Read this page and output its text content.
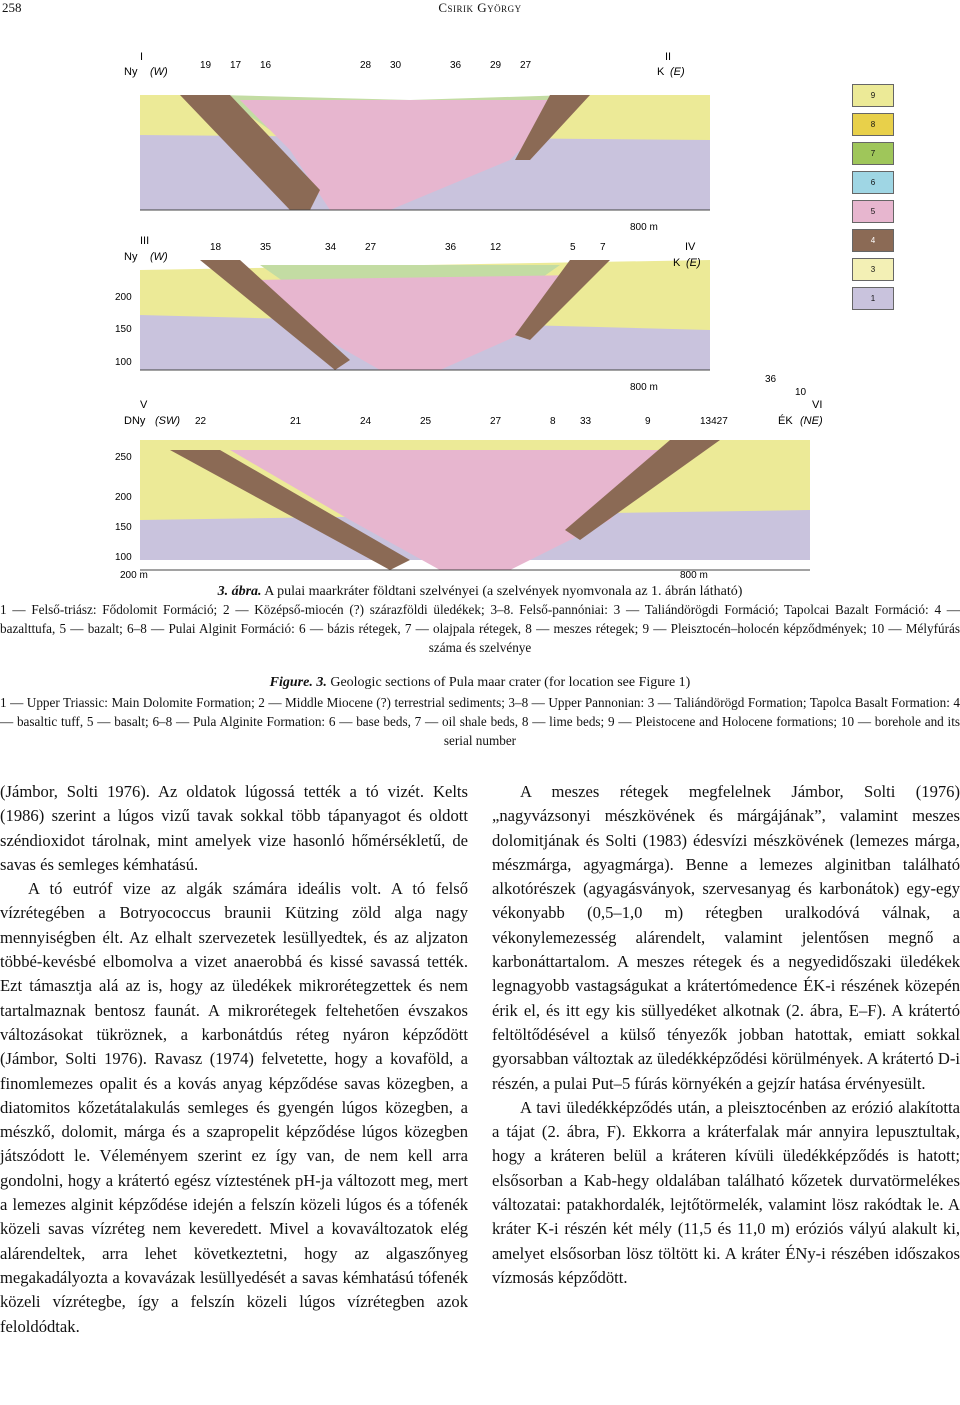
258	Csirik György
I
Ny (W)
II
K (E)
19 17 16	28 30	36	29 27
800 m
III
Ny (W)
IV
K (E)
18	35	34	27	36	12	5 7
200
150
100
800 m
V
DNy (SW)
VI
ÉK (NE)
22	21	24	25	27	8 33	9	13427
250
200
150
100
200 m	800 m
36
10
9
8
7
6
5
4
3
1
3. ábra. A pulai maarkráter földtani szelvényei (a szelvények nyomvonala az 1. ábrán látható)
1 — Felső-triász: Fődolomit Formáció; 2 — Középső-miocén (?) szárazföldi üledékek; 3–8. Felső-pannóniai: 3 — Taliándörögdi Formáció; Tapolcai Bazalt Formáció: 4 — bazalttufa, 5 — bazalt; 6–8 — Pulai Alginit Formáció: 6 — bázis rétegek, 7 — olajpala rétegek, 8 — meszes rétegek; 9 — Pleisztocén–holocén képződmények; 10 — Mélyfúrás száma és szelvénye
Figure. 3. Geologic sections of Pula maar crater (for location see Figure 1)
1 — Upper Triassic: Main Dolomite Formation; 2 — Middle Miocene (?) terrestrial sediments; 3–8 — Upper Pannonian: 3 — Taliándörögd Formation; Tapolca Basalt Formation: 4 — basaltic tuff, 5 — basalt; 6–8 — Pula Alginite Formation: 6 — base beds, 7 — oil shale beds, 8 — lime beds; 9 — Pleistocene and Holocene formations; 10 — borehole and its serial number

(Jámbor, Solti 1976). Az oldatok lúgossá tették a tó vizét. Kelts (1986) szerint a lúgos vizű tavak sokkal több tápanyagot és oldott széndioxidot tárolnak, mint amelyek vize hasonló hőmérsékletű, de savas és semleges kémhatású.

A tó eutróf vize az algák számára ideális volt. A tó felső vízrétegében a Botryococcus braunii Kützing zöld alga nagy mennyiségben élt. Az elhalt szervezetek lesüllyedtek, és az aljzaton többé-kevésbé elbomolva a vizet anaerobbá és kissé savassá tették. Ezt támasztja alá az is, hogy az üledékek mikrorétegzettek és nem tartalmaznak bentosz faunát. A mikrorétegek feltehetően évszakos változásokat tükröznek, a karbonátdús réteg nyáron képződött (Jámbor, Solti 1976). Ravasz (1974) felvetette, hogy a kovaföld, a finomlemezes opalit és a kovás anyag képződése savas közegben, a diatomitos kőzetátalakulás semleges és gyengén lúgos közegben, a mészkő, dolomit, márga és a szapropelit képződése lúgos közegben játszódott le. Véleményem szerint ez így van, de nem kell arra gondolni, hogy a krátertó egész víztestének pH-ja változott meg, mert a lemezes alginit képződése idején a felszín közeli lúgos és a tófenék közeli savas vízréteg nem keveredett. Mivel a kovaváltozatok elég alárendeltek, arra lehet következtetni, hogy az algaszőnyeg megakadályozta a kovavázak lesüllyedését a savas kémhatású tófenék közeli vízrétegbe, így a felszín közeli lúgos vízrétegben azok feloldódtak.

A meszes rétegek megfelelnek Jámbor, Solti (1976) „nagyvázsonyi mészkövének és márgájának”, valamint meszes dolomitjának és Solti (1983) édesvízi mészkövének (lemezes márga, mészmárga, agyagmárga). Benne a lemezes alginitban található alkotórészek (agyagásványok, szervesanyag és karbonátok) egy-egy vékonyabb (0,5–1,0 m) rétegben uralkodóvá válnak, a vékonylemezesség alárendelt, valamint jelentősen megnő a karbonáttartalom. A meszes rétegek és a negyedidőszaki üledékek legnagyobb vastagságukat a krátertómedence ÉK-i részének közepén érik el, és itt egy kis süllyedéket alkotnak (2. ábra, E–F). A krátertó feltöltődésével a külső tényezők jobban hatottak, emiatt sokkal gyorsabban változtak az üledékképződési körülmények. A krátertó D-i részén, a pulai Put–5 fúrás környékén a gejzír hatása érvényesült.

A tavi üledékképződés után, a pleisztocénben az erózió alakította a tájat (2. ábra, F). Ekkorra a kráterfalak már annyira lepusztultak, hogy a kráteren belül a kráteren kívüli üledékképződés is hatott; elsősorban a Kab-hegy oldalában található kőzetek durvatörmelékes változatai: patakhordalék, lejtőtörmelék, valamint lösz rakódtak le. A kráter K-i részén két mély (11,5 és 11,0 m) eróziós vályú alakult ki, amelyet elsősorban lösz töltött ki. A kráter ÉNy-i részében időszakos vízmosás képződött.
